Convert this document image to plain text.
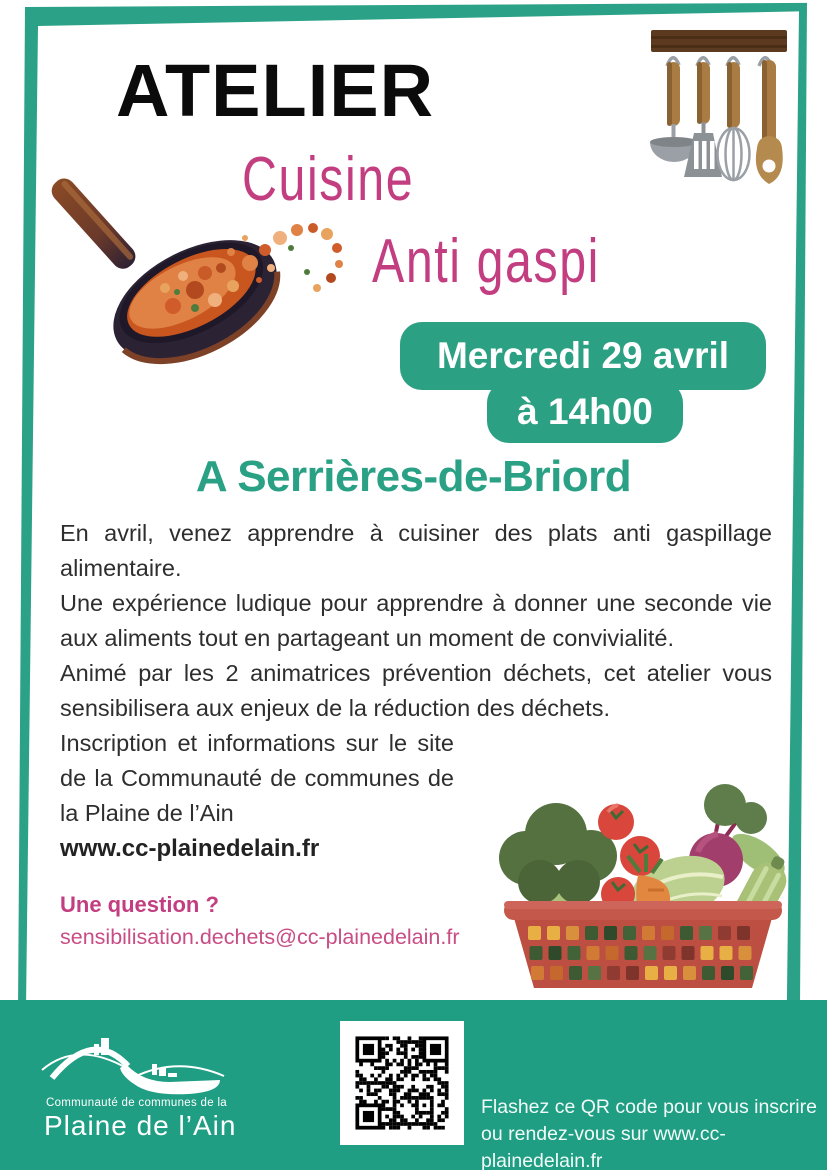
ATELIER
Cuisine
Anti gaspi
Mercredi 29 avril
à 14h00
A Serrières-de-Briord

En avril, venez apprendre à cuisiner des plats anti gaspillage alimentaire.

Une expérience ludique pour apprendre à donner une seconde vie aux aliments tout en partageant un moment de convivialité.

Animé par les 2 animatrices prévention déchets, cet atelier vous sensibilisera aux enjeux de la réduction des déchets.

Inscription et informations sur le site de la Communauté de communes de la Plaine de l’Ain

www.cc-plainedelain.fr
Une question ?
sensibilisation.dechets@cc-plainedelain.fr
Communauté de communes de la
Plaine de l’Ain
Flashez ce QR code pour vous inscrire
ou rendez-vous sur www.cc-plainedelain.fr
